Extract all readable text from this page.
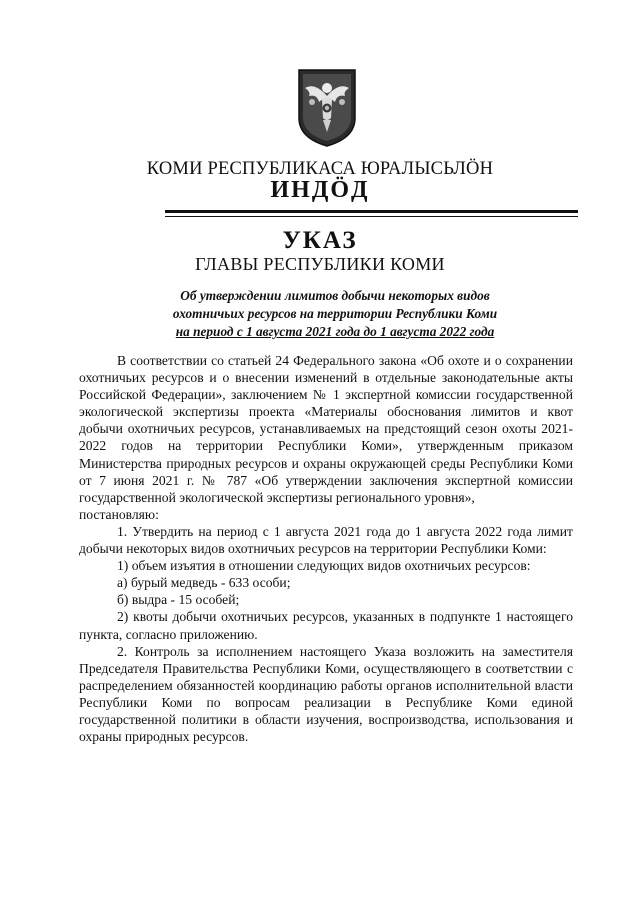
КОМИ РЕСПУБЛИКАСА ЮРАЛЫСЬЛÖН
ИНДÖД
УКАЗ
ГЛАВЫ РЕСПУБЛИКИ КОМИ
Об утверждении лимитов добычи некоторых видов
охотничьих ресурсов на территории Республики Коми
на период с 1 августа 2021 года до 1 августа 2022 года

В соответствии со статьей 24 Федерального закона «Об охоте и о сохранении охотничьих ресурсов и о внесении изменений в отдельные законодательные акты Российской Федерации», заключением № 1 экспертной комиссии государственной экологической экспертизы проекта «Материалы обоснования лимитов и квот добычи охотничьих ресурсов, устанавливаемых на предстоящий сезон охоты 2021-2022 годов на территории Республики Коми», утвержденным приказом Министерства природных ресурсов и охраны окружающей среды Республики Коми от 7 июня 2021 г. № 787 «Об утверждении заключения экспертной комиссии государственной экологической экспертизы регионального уровня»,

постановляю:

1. Утвердить на период с 1 августа 2021 года до 1 августа 2022 года лимит добычи некоторых видов охотничьих ресурсов на территории Республики Коми:

1) объем изъятия в отношении следующих видов охотничьих ресурсов:

а) бурый медведь - 633 особи;

б) выдра - 15 особей;

2) квоты добычи охотничьих ресурсов, указанных в подпункте 1 настоящего пункта, согласно приложению.

2. Контроль за исполнением настоящего Указа возложить на заместителя Председателя Правительства Республики Коми, осуществляющего в соответствии с распределением обязанностей координацию работы органов исполнительной власти Республики Коми по вопросам реализации в Республике Коми единой государственной политики в области изучения, воспроизводства, использования и охраны природных ресурсов.
